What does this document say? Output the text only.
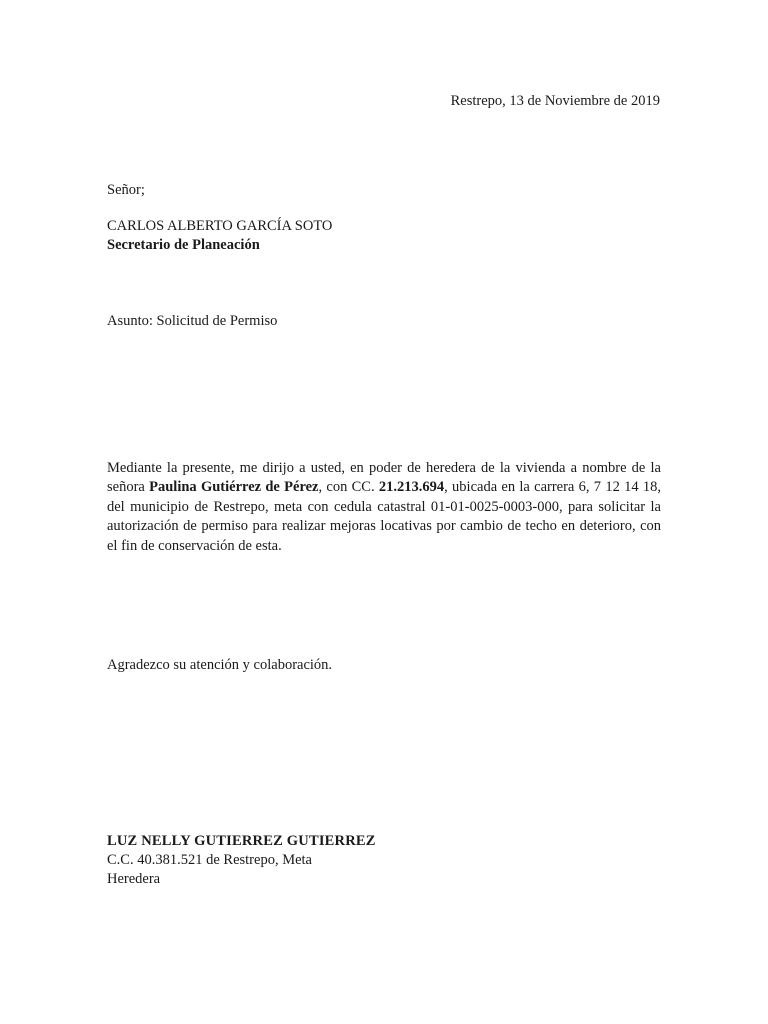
Restrepo, 13 de Noviembre de 2019
Señor;
CARLOS ALBERTO GARCÍA SOTO
Secretario de Planeación
Asunto: Solicitud de Permiso
Mediante la presente, me dirijo a usted, en poder de heredera de la vivienda a nombre de la señora Paulina Gutiérrez de Pérez, con CC. 21.213.694, ubicada en la carrera 6, 7 12 14 18, del municipio de Restrepo, meta con cedula catastral 01-01-0025-0003-000, para solicitar la autorización de permiso para realizar mejoras locativas por cambio de techo en deterioro, con el fin de conservación de esta.
Agradezco su atención y colaboración.
LUZ NELLY GUTIERREZ GUTIERREZ
C.C. 40.381.521 de Restrepo, Meta
Heredera
